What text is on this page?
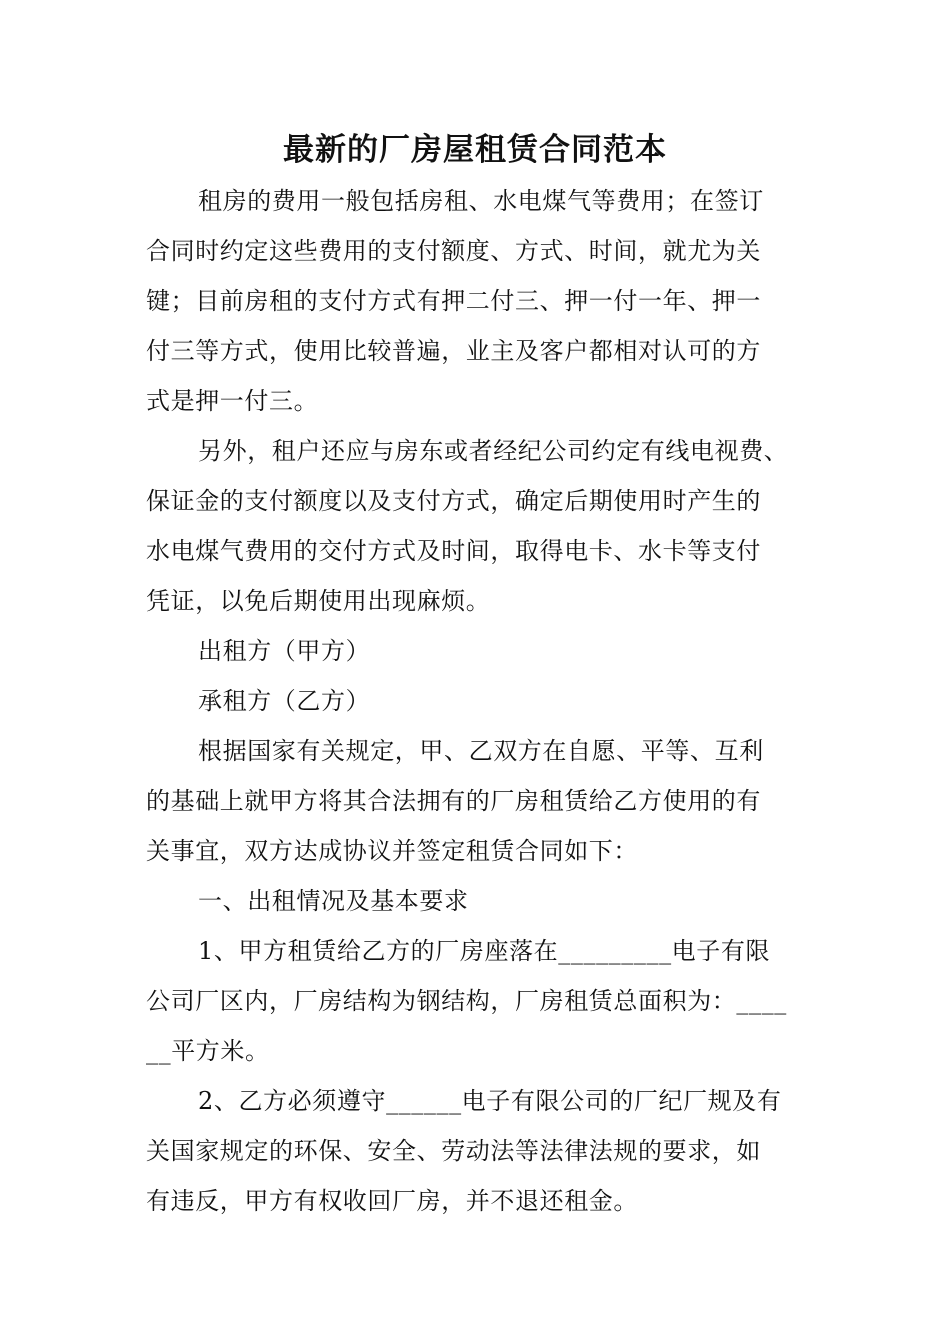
最新的厂房屋租赁合同范本
租房的费用一般包括房租、水电煤气等费用；在签订
合同时约定这些费用的支付额度、方式、时间，就尤为关
键；目前房租的支付方式有押二付三、押一付一年、押一
付三等方式，使用比较普遍，业主及客户都相对认可的方
式是押一付三。
另外，租户还应与房东或者经纪公司约定有线电视费、
保证金的支付额度以及支付方式，确定后期使用时产生的
水电煤气费用的交付方式及时间，取得电卡、水卡等支付
凭证，以免后期使用出现麻烦。
出租方（甲方）
承租方（乙方）
根据国家有关规定，甲、乙双方在自愿、平等、互利
的基础上就甲方将其合法拥有的厂房租赁给乙方使用的有
关事宜，双方达成协议并签定租赁合同如下：
一、出租情况及基本要求
1、甲方租赁给乙方的厂房座落在_________电子有限
公司厂区内，厂房结构为钢结构，厂房租赁总面积为：____
__平方米。
2、乙方必须遵守______电子有限公司的厂纪厂规及有
关国家规定的环保、安全、劳动法等法律法规的要求，如
有违反，甲方有权收回厂房，并不退还租金。
